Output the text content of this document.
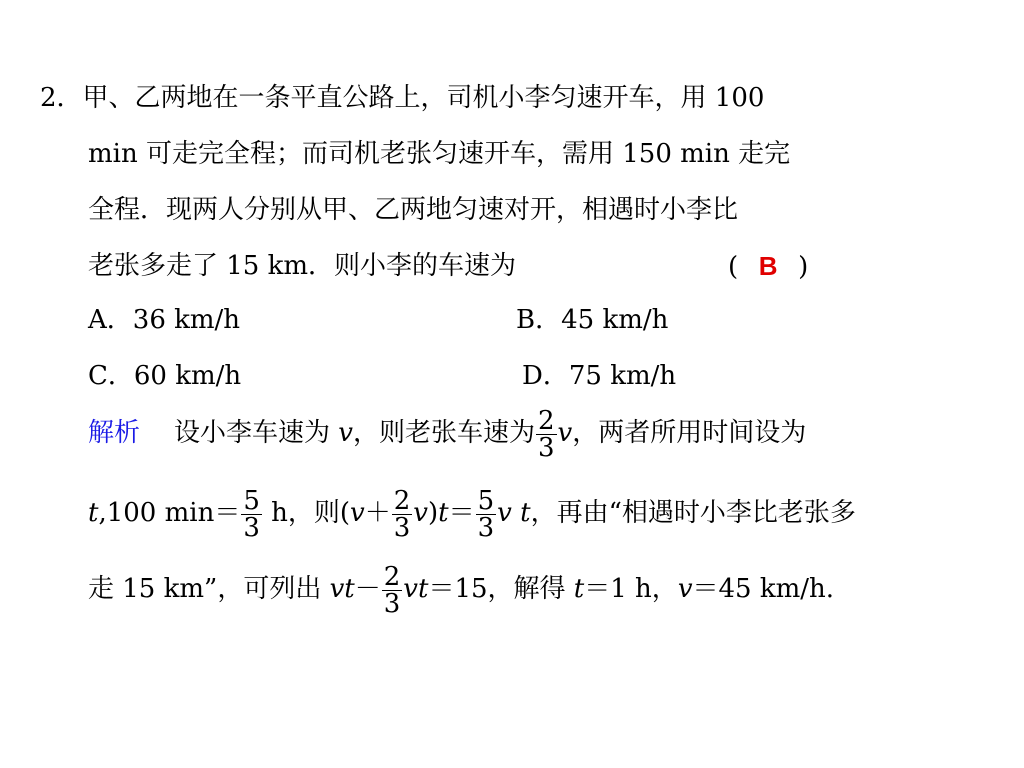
2．甲、乙两地在一条平直公路上，司机小李匀速开车，用 100
min 可走完全程；而司机老张匀速开车，需用 150 min 走完
全程．现两人分别从甲、乙两地匀速对开，相遇时小李比
老张多走了 15 km．则小李的车速为	( B )
A．36 km/h	B．45 km/h
C．60 km/h	D．75 km/h
解析 设小李车速为 v，则老张车速为 $\frac{2}{3}$ v，两者所用时间设为
t,100 $\min= \frac{5}{3}$ h，则$(v+ \frac{2}{3} v)t= \frac{5}{3}$ v t，再由“相遇时小李比老张多
走 15 km”，可列出 $vt- \frac{2}{3} vt=15$，解得 t＝1 h，v＝45 km/h.
